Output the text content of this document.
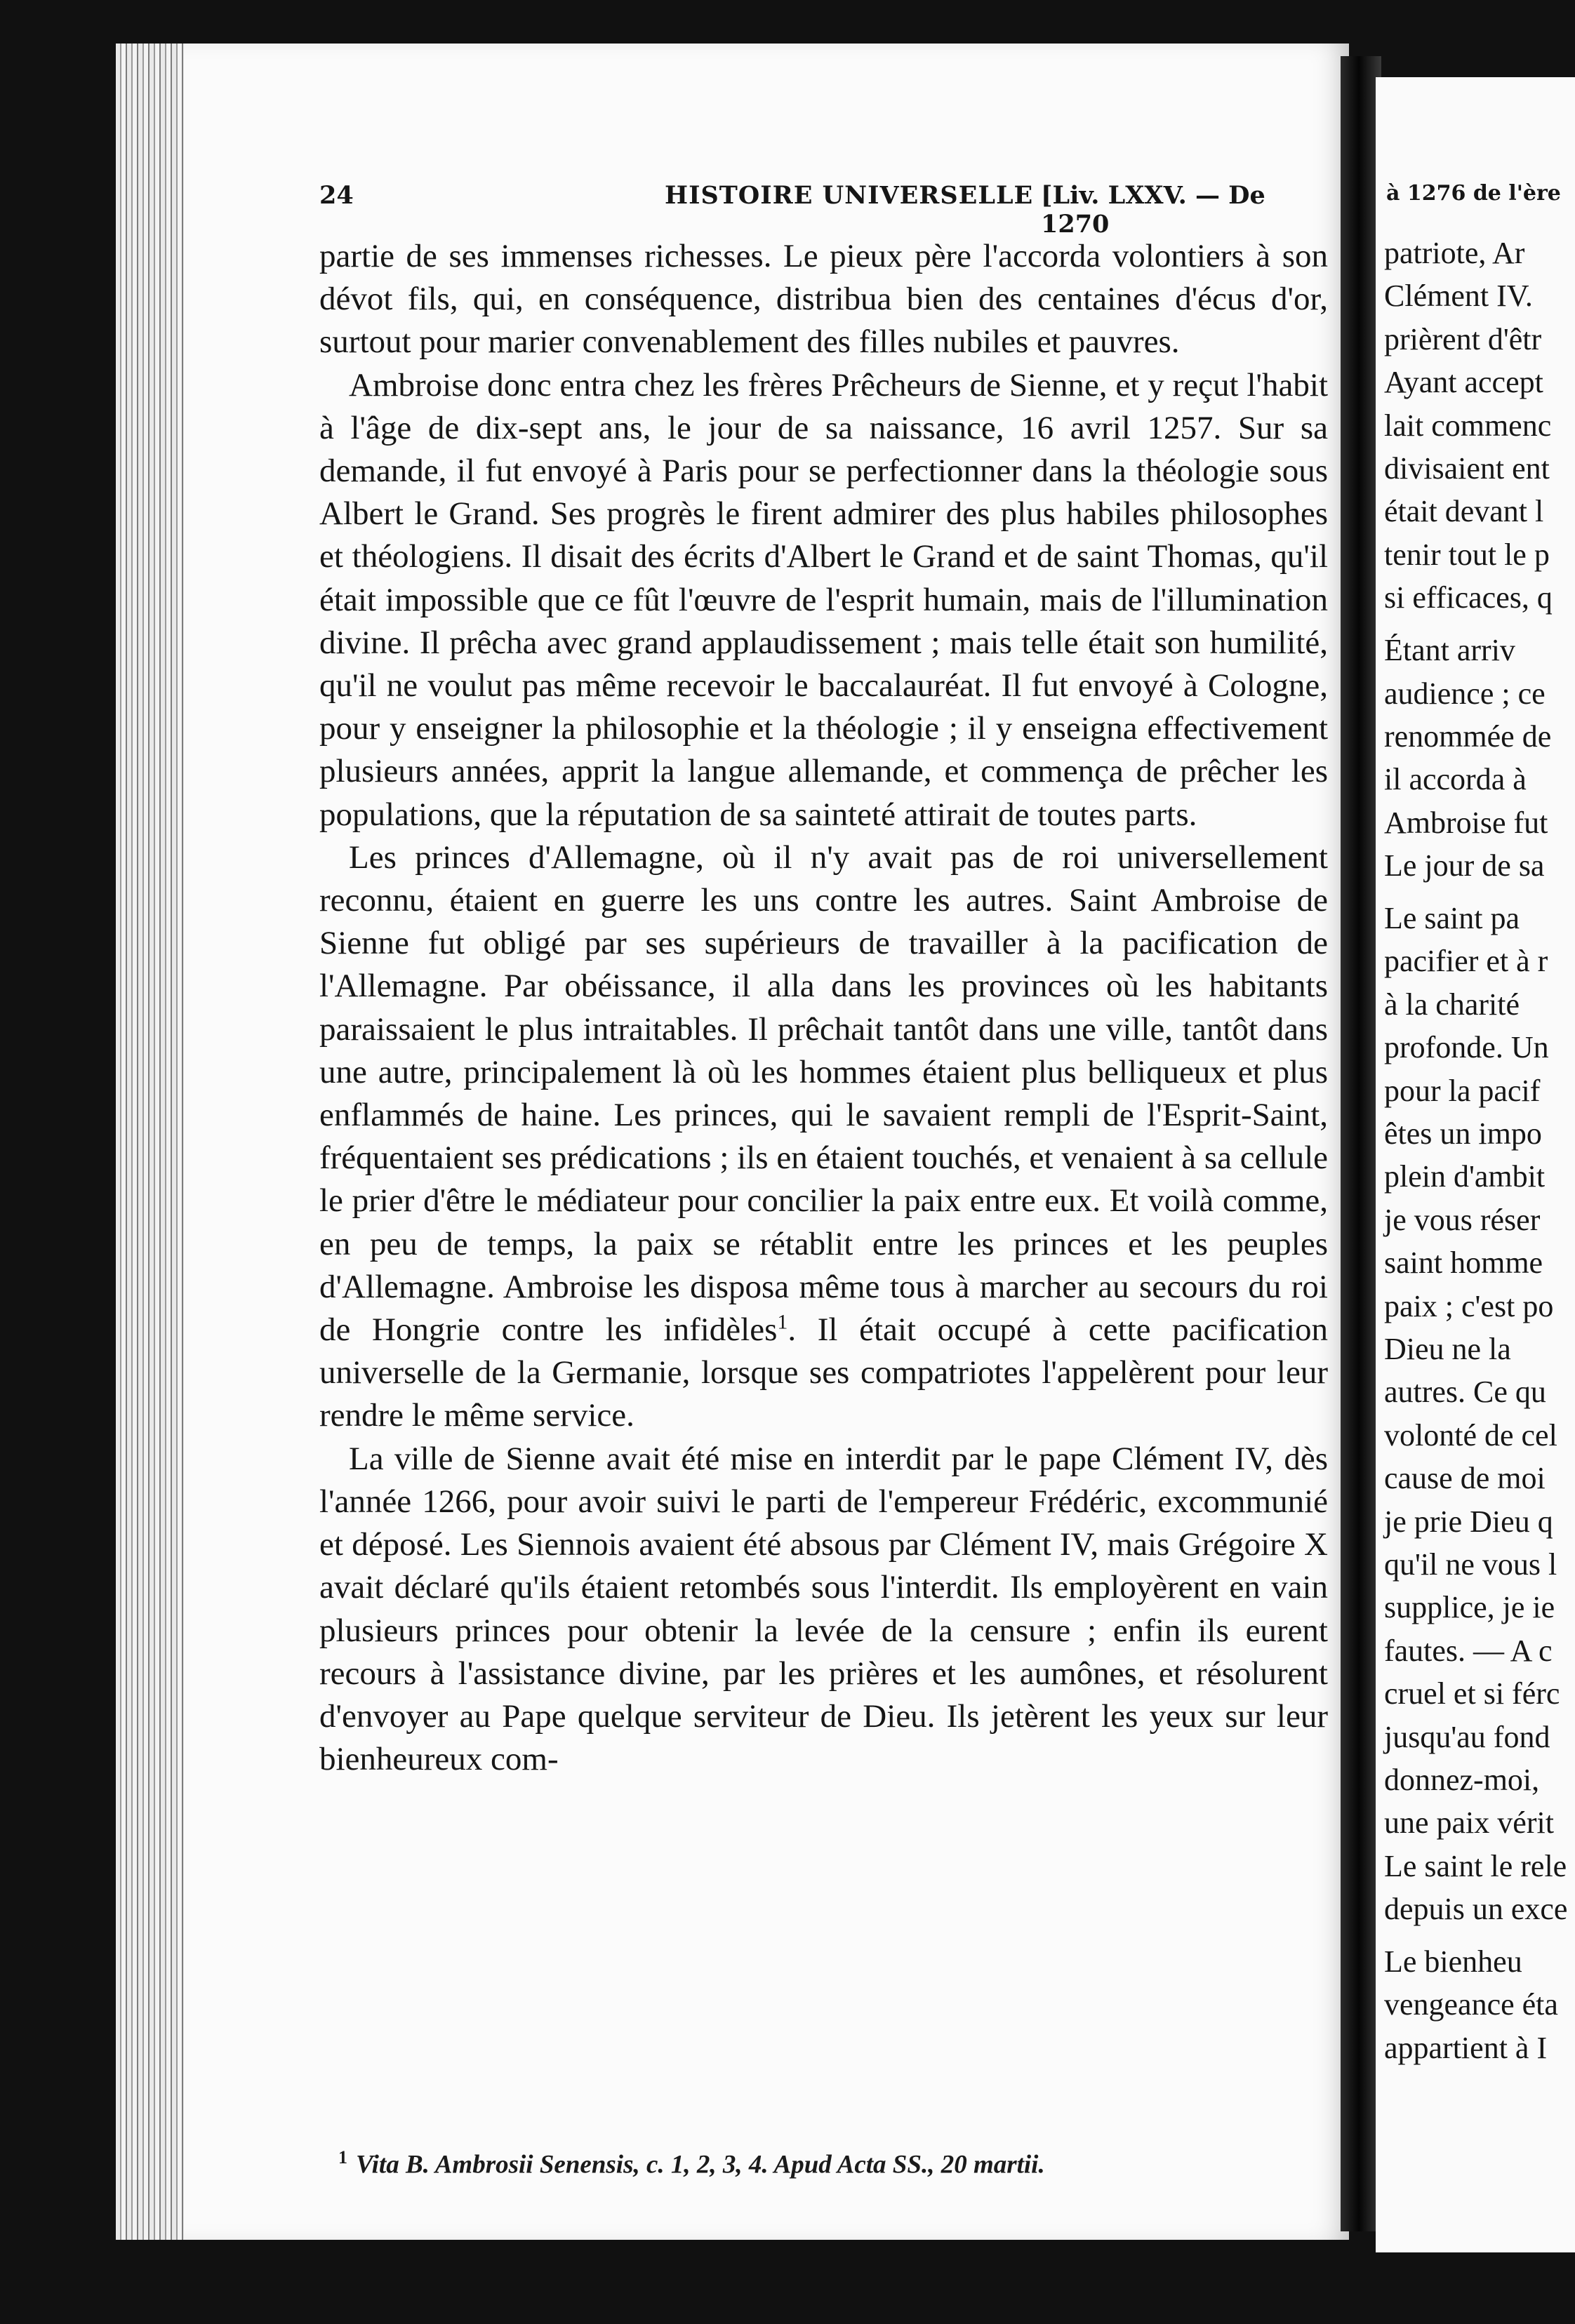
24	HISTOIRE UNIVERSELLE [Liv. LXXV. — De 1270

partie de ses immenses richesses. Le pieux père l'accorda volontiers à son dévot fils, qui, en conséquence, distribua bien des centaines d'écus d'or, surtout pour marier convenablement des filles nubiles et pauvres.

Ambroise donc entra chez les frères Prêcheurs de Sienne, et y reçut l'habit à l'âge de dix-sept ans, le jour de sa naissance, 16 avril 1257. Sur sa demande, il fut envoyé à Paris pour se perfectionner dans la théologie sous Albert le Grand. Ses progrès le firent admirer des plus habiles philosophes et théologiens. Il disait des écrits d'Albert le Grand et de saint Thomas, qu'il était impossible que ce fût l'œuvre de l'esprit humain, mais de l'illumination divine. Il prêcha avec grand applaudissement ; mais telle était son humilité, qu'il ne voulut pas même recevoir le baccalauréat. Il fut envoyé à Cologne, pour y enseigner la philosophie et la théologie ; il y enseigna effectivement plusieurs années, apprit la langue allemande, et commença de prêcher les populations, que la réputation de sa sainteté attirait de toutes parts.

Les princes d'Allemagne, où il n'y avait pas de roi universellement reconnu, étaient en guerre les uns contre les autres. Saint Ambroise de Sienne fut obligé par ses supérieurs de travailler à la pacification de l'Allemagne. Par obéissance, il alla dans les provinces où les habitants paraissaient le plus intraitables. Il prêchait tantôt dans une ville, tantôt dans une autre, principalement là où les hommes étaient plus belliqueux et plus enflammés de haine. Les princes, qui le savaient rempli de l'Esprit-Saint, fréquentaient ses prédications ; ils en étaient touchés, et venaient à sa cellule le prier d'être le médiateur pour concilier la paix entre eux. Et voilà comme, en peu de temps, la paix se rétablit entre les princes et les peuples d'Allemagne. Ambroise les disposa même tous à marcher au secours du roi de Hongrie contre les infidèles$^1$. Il était occupé à cette pacification universelle de la Germanie, lorsque ses compatriotes l'appelèrent pour leur rendre le même service.

La ville de Sienne avait été mise en interdit par le pape Clément IV, dès l'année 1266, pour avoir suivi le parti de l'empereur Frédéric, excommunié et déposé. Les Siennois avaient été absous par Clément IV, mais Grégoire X avait déclaré qu'ils étaient retombés sous l'interdit. Ils employèrent en vain plusieurs princes pour obtenir la levée de la censure ; enfin ils eurent recours à l'assistance divine, par les prières et les aumônes, et résolurent d'envoyer au Pape quelque serviteur de Dieu. Ils jetèrent les yeux sur leur bienheureux com-

$^1$ Vita B. Ambrosii Senensis, c. 1, 2, 3, 4. Apud Acta SS., 20 martii.
à 1276 de l'ère
patriote, Ar
Clément IV.
prièrent d'êtr
Ayant accept
lait commenc
divisaient ent
était devant l
tenir tout le p
si efficaces, q
Étant arriv
audience ; ce
renommée de
il accorda à
Ambroise fut
Le jour de sa
Le saint pa
pacifier et à r
à la charité
profonde. Un
pour la pacif
êtes un impo
plein d'ambit
je vous réser
saint homme
paix ; c'est po
Dieu ne la
autres. Ce qu
volonté de cel
cause de moi
je prie Dieu q
qu'il ne vous l
supplice, je ie
fautes. — A c
cruel et si férc
jusqu'au fond
donnez-moi,
une paix vérit
Le saint le rele
depuis un exce
Le bienheu
vengeance éta
appartient à I
